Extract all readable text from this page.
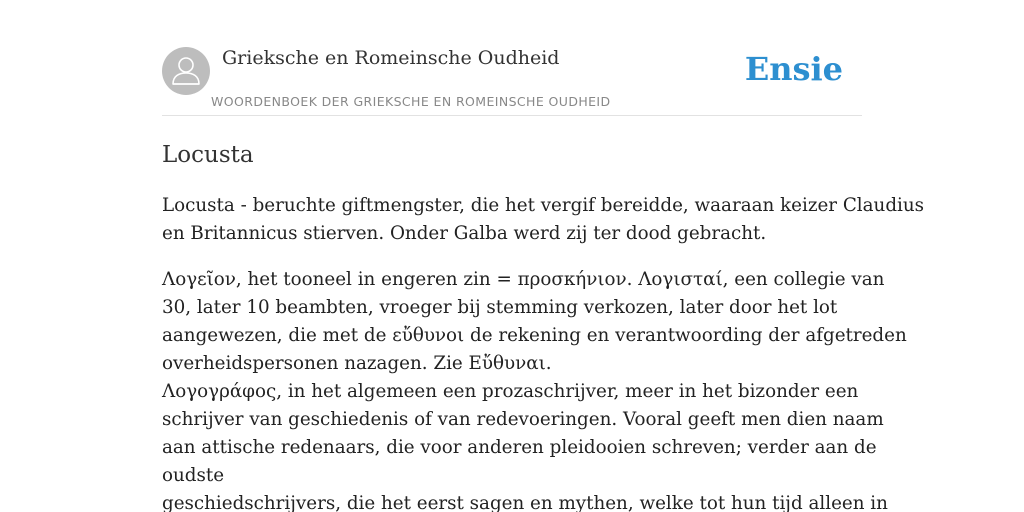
Grieksche en Romeinsche Oudheid
WOORDENBOEK DER GRIEKSCHE EN ROMEINSCHE OUDHEID
Ensie
Locusta

Locusta - beruchte giftmengster, die het vergif bereidde, waaraan keizer Claudius
en Britannicus stierven. Onder Galba werd zij ter dood gebracht.

Λογεῖον, het tooneel in engeren zin = προσκήνιον. Λογισταί, een collegie van
30, later 10 beambten, vroeger bij stemming verkozen, later door het lot
aangewezen, die met de εὔθυνοι de rekening en verantwoording der afgetreden
overheidspersonen nazagen. Zie Εὔθυναι.
Λογογράφος, in het algemeen een prozaschrijver, meer in het bizonder een
schrijver van geschiedenis of van redevoeringen. Vooral geeft men dien naam
aan attische redenaars, die voor anderen pleidooien schreven; verder aan de
oudste
geschiedschrijvers, die het eerst sagen en mythen, welke tot hun tijd alleen in
